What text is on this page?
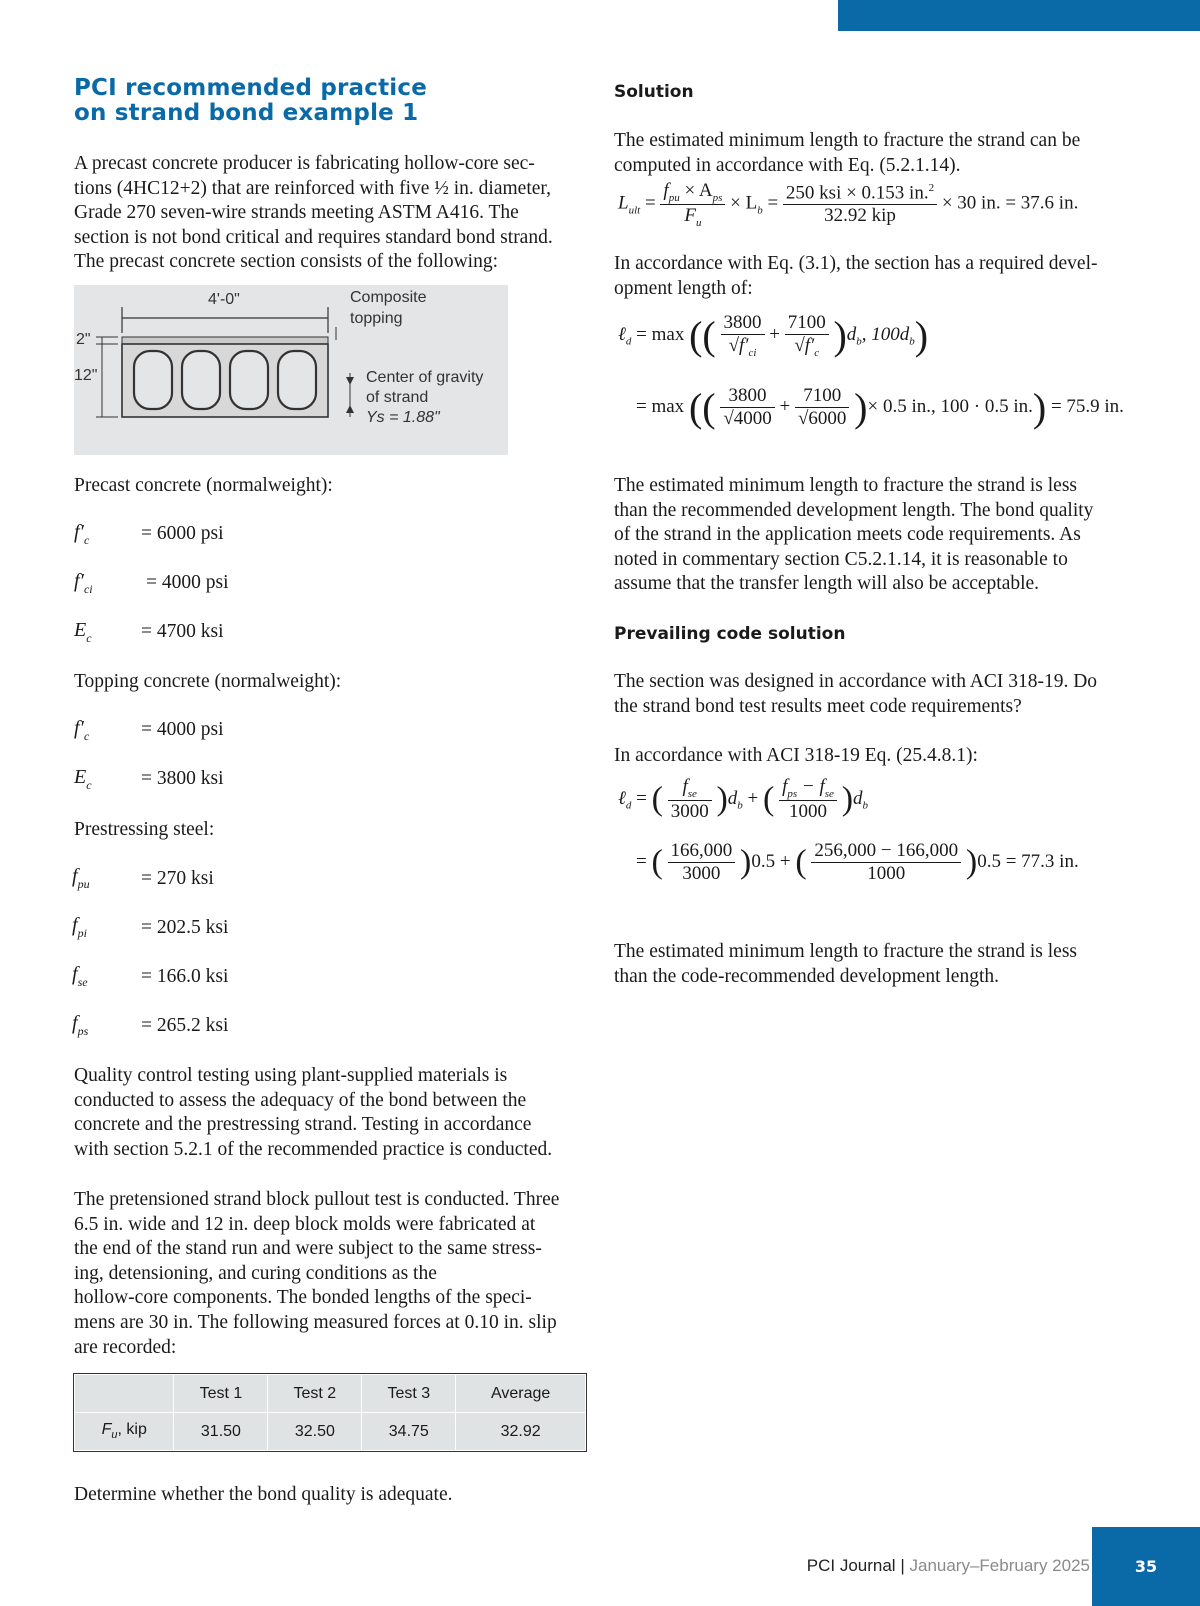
PCI recommended practice
on strand bond example 1
A precast concrete producer is fabricating hollow-core sec-
tions (4HC12+2) that are reinforced with five ½ in. diameter,
Grade 270 seven-wire strands meeting ASTM A416. The
section is not bond critical and requires standard bond strand.
The precast concrete section consists of the following:
4'-0"	Composite
topping
2"
12"	Center of gravity
of strand
Ys = 1.88"
Precast concrete (normalweight):
$f'_c$	= 6000 psi
$f'_{ci}$	= 4000 psi
$E_c$	= 4700 ksi
Topping concrete (normalweight):
$f'_c$	= 4000 psi
$E_c$	= 3800 ksi
Prestressing steel:
$f_{pu}$	= 270 ksi
$f_{pi}$	= 202.5 ksi
$f_{se}$	= 166.0 ksi
$f_{ps}$	= 265.2 ksi
Quality control testing using plant-supplied materials is
conducted to assess the adequacy of the bond between the
concrete and the prestressing strand. Testing in accordance
with section 5.2.1 of the recommended practice is conducted.
The pretensioned strand block pullout test is conducted. Three
6.5 in. wide and 12 in. deep block molds were fabricated at
the end of the stand run and were subject to the same stress-
ing, detensioning, and curing conditions as the
hollow-core components. The bonded lengths of the speci-
mens are 30 in. The following measured forces at 0.10 in. slip
are recorded:
	Test 1	Test 2	Test 3	Average
$F_u$, kip	31.50	32.50	34.75	32.92
Determine whether the bond quality is adequate.
Solution
The estimated minimum length to fracture the strand can be
computed in accordance with Eq. (5.2.1.14).
$L_{ult} = \frac{f_{pu} \times A_{ps}}{F_u} \times L_b = \frac{250 ksi \times 0.153 in.^2}{\text{32.92 kip}} \times 30$ in. = 37.6 in.
In accordance with Eq. (3.1), the section has a required devel-
opment length of:
ℓ$_d$ = max (( $\frac{3800}{√f'_{ci}} + \frac{7100}{√f'_c} )d_b$, $100d_b$)
= max (( $\frac{3800}{√4000} + \frac{7100}{√6000}$ )× 0.5 in., 100 · 0.5 in.) = 75.9 in.
The estimated minimum length to fracture the strand is less
than the recommended development length. The bond quality
of the strand in the application meets code requirements. As
noted in commentary section C5.2.1.14, it is reasonable to
assume that the transfer length will also be acceptable.
Prevailing code solution
The section was designed in accordance with ACI 318-19. Do
the strand bond test results meet code requirements?
In accordance with ACI 318-19 Eq. (25.4.8.1):
ℓ$_d$ = ( $\frac{f_{se}}{3000} )d_b$ + ( $\frac{f_{ps} - f_{se}}{1000} )d_b$
= ( $\frac{166,000}{3000} )0.5$ + ( $\frac{256,000 - 166,000}{1000} )0.5 = 77.3$ in.
The estimated minimum length to fracture the strand is less
than the code-recommended development length.
PCI Journal | January–February 2025	35
